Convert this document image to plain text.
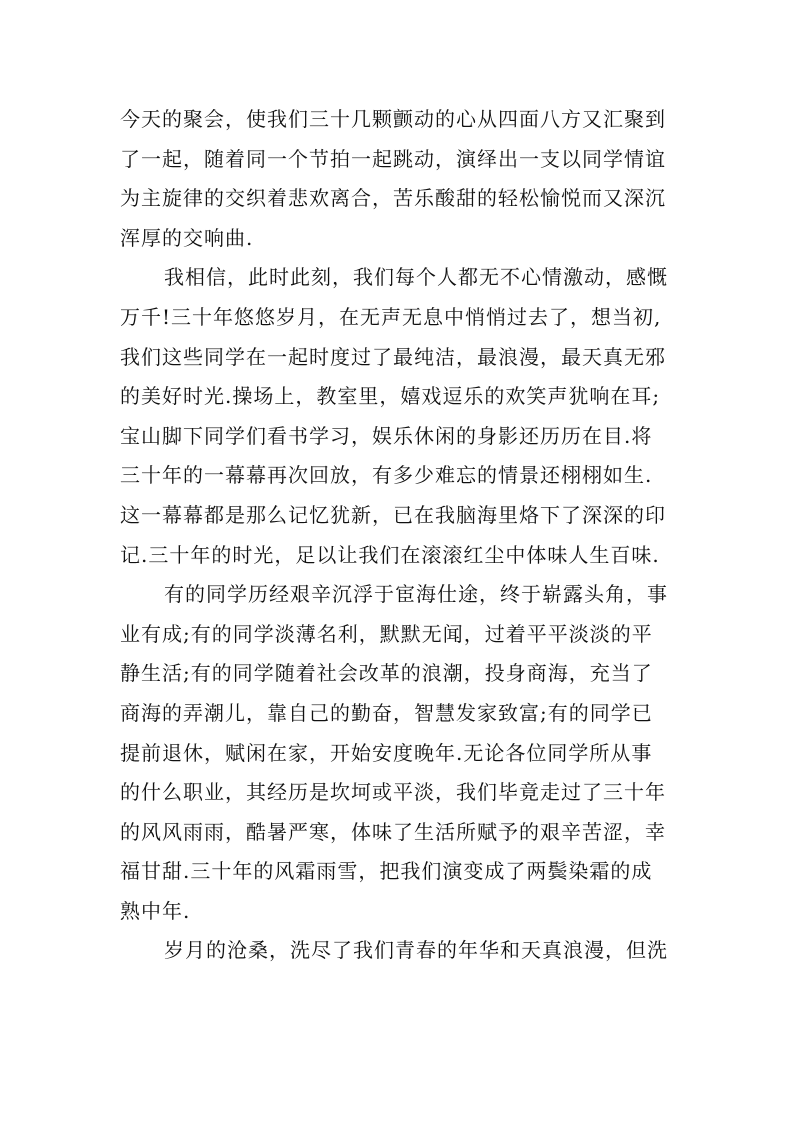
今天的聚会，使我们三十几颗颤动的心从四面八方又汇聚到
了一起，随着同一个节拍一起跳动，演绎出一支以同学情谊
为主旋律的交织着悲欢离合，苦乐酸甜的轻松愉悦而又深沉
浑厚的交响曲.
我相信，此时此刻，我们每个人都无不心情激动，感慨
万千!三十年悠悠岁月，在无声无息中悄悄过去了，想当初,
我们这些同学在一起时度过了最纯洁，最浪漫，最天真无邪
的美好时光.操场上，教室里，嬉戏逗乐的欢笑声犹响在耳;
宝山脚下同学们看书学习，娱乐休闲的身影还历历在目.将
三十年的一幕幕再次回放，有多少难忘的情景还栩栩如生.
这一幕幕都是那么记忆犹新，已在我脑海里烙下了深深的印
记.三十年的时光，足以让我们在滚滚红尘中体味人生百味.
有的同学历经艰辛沉浮于宦海仕途，终于崭露头角，事
业有成;有的同学淡薄名利，默默无闻，过着平平淡淡的平
静生活;有的同学随着社会改革的浪潮，投身商海，充当了
商海的弄潮儿，靠自己的勤奋，智慧发家致富;有的同学已
提前退休，赋闲在家，开始安度晚年.无论各位同学所从事
的什么职业，其经历是坎坷或平淡，我们毕竟走过了三十年
的风风雨雨，酷暑严寒，体味了生活所赋予的艰辛苦涩，幸
福甘甜.三十年的风霜雨雪，把我们演变成了两鬓染霜的成
熟中年.
岁月的沧桑，洗尽了我们青春的年华和天真浪漫，但洗
